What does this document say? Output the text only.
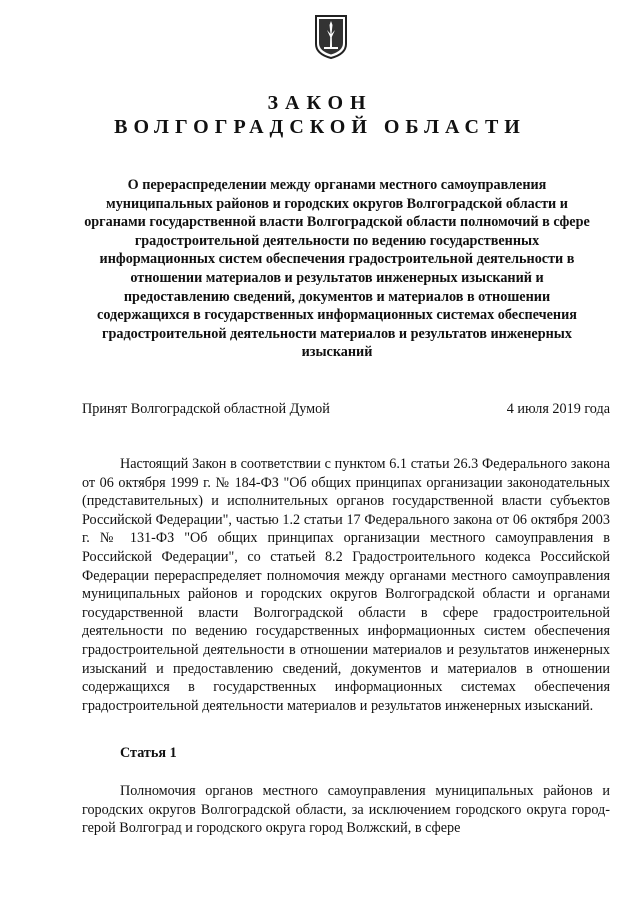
ЗАКОН
ВОЛГОГРАДСКОЙ ОБЛАСТИ
О перераспределении между органами местного самоуправления муниципальных районов и городских округов Волгоградской области и органами государственной власти Волгоградской области полномочий в сфере градостроительной деятельности по ведению государственных информационных систем обеспечения градостроительной деятельности в отношении материалов и результатов инженерных изысканий и предоставлению сведений, документов и материалов в отношении содержащихся в государственных информационных системах обеспечения градостроительной деятельности материалов и результатов инженерных изысканий
Принят Волгоградской областной Думой	4 июля 2019 года
Настоящий Закон в соответствии с пунктом 6.1 статьи 26.3 Федерального закона от 06 октября 1999 г. № 184-ФЗ "Об общих принципах организации законодательных (представительных) и исполнительных органов государственной власти субъектов Российской Федерации", частью 1.2 статьи 17 Федерального закона от 06 октября 2003 г. № 131-ФЗ "Об общих принципах организации местного самоуправления в Российской Федерации", со статьей 8.2 Градостроительного кодекса Российской Федерации перераспределяет полномочия между органами местного самоуправления муниципальных районов и городских округов Волгоградской области и органами государственной власти Волгоградской области в сфере градостроительной деятельности по ведению государственных информационных систем обеспечения градостроительной деятельности в отношении материалов и результатов инженерных изысканий и предоставлению сведений, документов и материалов в отношении содержащихся в государственных информационных системах обеспечения градостроительной деятельности материалов и результатов инженерных изысканий.
Статья 1
Полномочия органов местного самоуправления муниципальных районов и городских округов Волгоградской области, за исключением городского округа город-герой Волгоград и городского округа город Волжский, в сфере
